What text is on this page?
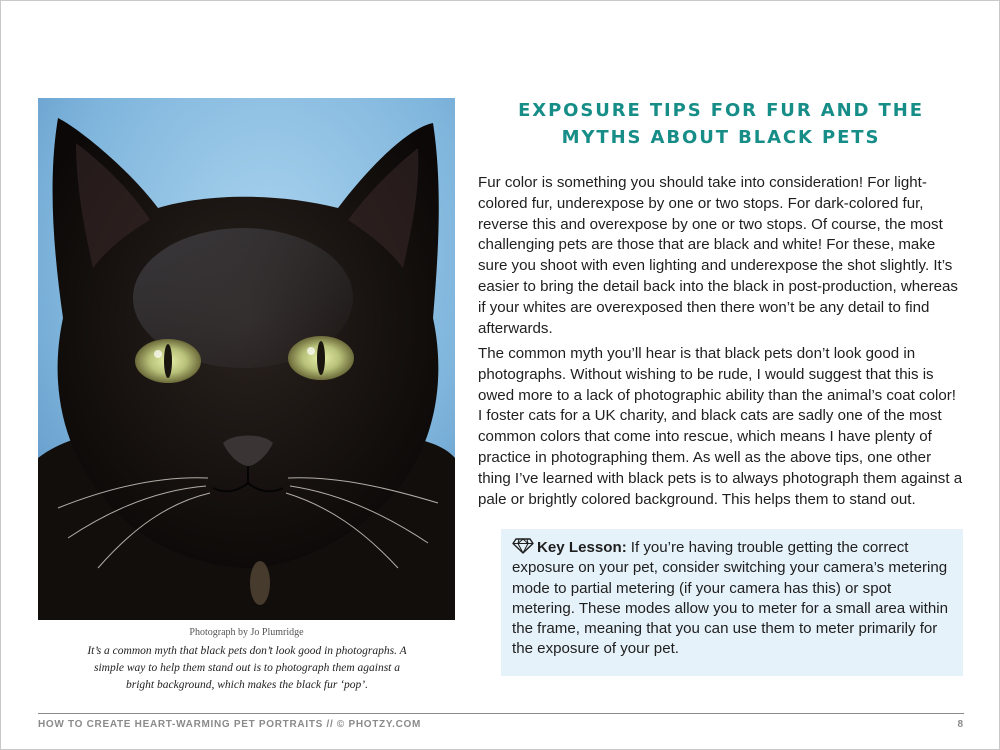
Photograph by Jo Plumridge

It’s a common myth that black pets don’t look good in photographs. A simple way to help them stand out is to photograph them against a bright background, which makes the black fur ‘pop’.

EXPOSURE TIPS FOR FUR AND THE MYTHS ABOUT BLACK PETS

Fur color is something you should take into consideration! For light-colored fur, underexpose by one or two stops. For dark-colored fur, reverse this and overexpose by one or two stops. Of course, the most challenging pets are those that are black and white! For these, make sure you shoot with even lighting and underexpose the shot slightly. It’s easier to bring the detail back into the black in post-production, whereas if your whites are overexposed then there won’t be any detail to find afterwards.

The common myth you’ll hear is that black pets don’t look good in photographs. Without wishing to be rude, I would suggest that this is owed more to a lack of photographic ability than the animal’s coat color! I foster cats for a UK charity, and black cats are sadly one of the most common colors that come into rescue, which means I have plenty of practice in photographing them. As well as the above tips, one other thing I’ve learned with black pets is to always photograph them against a pale or brightly colored background. This helps them to stand out.

Key Lesson: If you’re having trouble getting the correct exposure on your pet, consider switching your camera’s metering mode to partial metering (if your camera has this) or spot metering. These modes allow you to meter for a small area within the frame, meaning that you can use them to meter primarily for the exposure of your pet.

HOW TO CREATE HEART-WARMING PET PORTRAITS // © PHOTZY.COM	8
